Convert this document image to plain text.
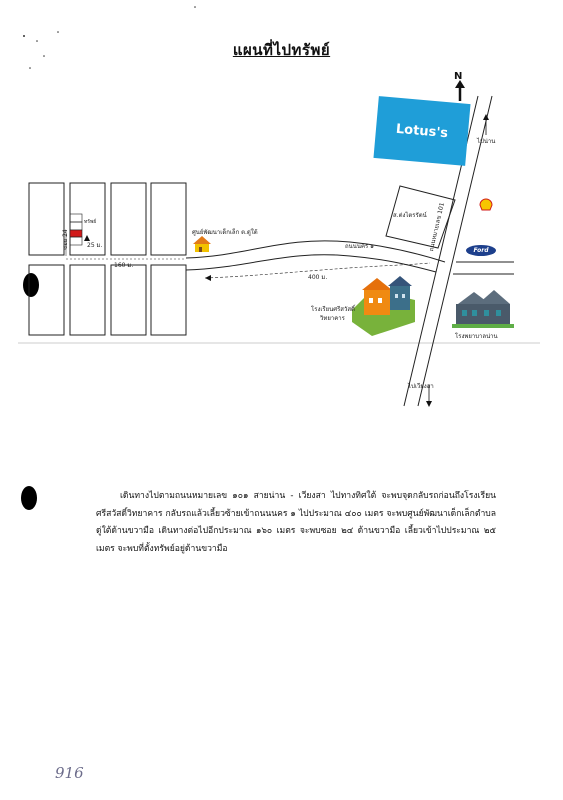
แผนที่ไปทรัพย์
N
Lotus's
ไปน่าน
ไปเวียงสา
ส.ต่งไตรรัตน์
ถนนนคร ๑	ถนนหมายเลข 101	Ford
โรงพยาบาลน่าน
โรงเรียนศรีสวัสดิ์
วิทยาคาร
ศูนย์พัฒนาเด็กเล็ก ต.ดู่ใต้
400 ม.
160 ม.
25 ม.
ซอย 24
ทรัพย์

เดินทางไปตามถนนหมายเลข ๑๐๑ สายน่าน - เวียงสา ไปทางทิศใต้ จะพบจุดกลับรถก่อนถึงโรงเรียนศรีสวัสดิ์วิทยาคาร กลับรถแล้วเลี้ยวซ้ายเข้าถนนนคร ๑ ไปประมาณ ๔๐๐ เมตร จะพบศูนย์พัฒนาเด็กเล็กตำบลดู่ใต้ด้านขวามือ เดินทางต่อไปอีกประมาณ ๑๖๐ เมตร จะพบซอย ๒๔ ด้านขวามือ เลี้ยวเข้าไปประมาณ ๒๕ เมตร จะพบที่ตั้งทรัพย์อยู่ด้านขวามือ

916
